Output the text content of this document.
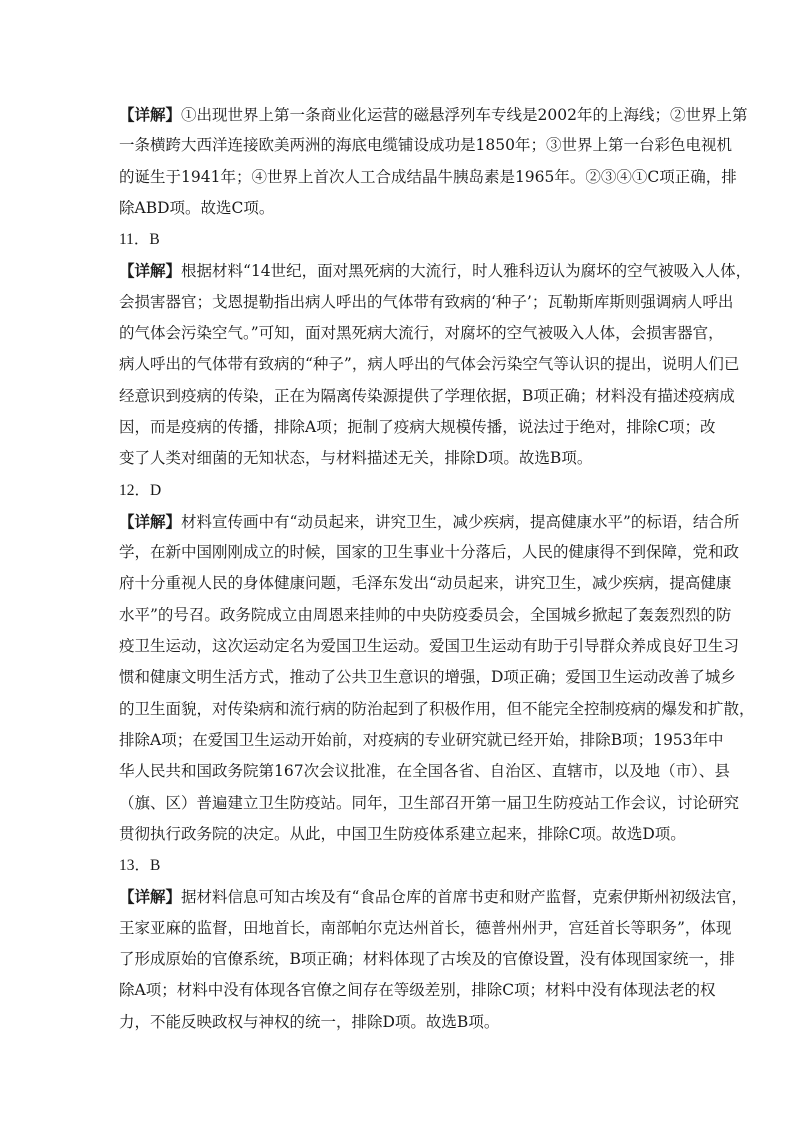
【详解】①出现世界上第一条商业化运营的磁悬浮列车专线是2002年的上海线；②世界上第
一条横跨大西洋连接欧美两洲的海底电缆铺设成功是1850年；③世界上第一台彩色电视机
的诞生于1941年；④世界上首次人工合成结晶牛胰岛素是1965年。②③④①C项正确，排
除ABD项。故选C项。
11．B
【详解】根据材料“14世纪，面对黑死病的大流行，时人雅科迈认为腐坏的空气被吸入人体，
会损害器官；戈恩提勒指出病人呼出的气体带有致病的‘种子’；瓦勒斯库斯则强调病人呼出
的气体会污染空气。”可知，面对黑死病大流行，对腐坏的空气被吸入人体，会损害器官，
病人呼出的气体带有致病的“种子”，病人呼出的气体会污染空气等认识的提出，说明人们已
经意识到疫病的传染，正在为隔离传染源提供了学理依据，B项正确；材料没有描述疫病成
因，而是疫病的传播，排除A项；扼制了疫病大规模传播，说法过于绝对，排除C项；改
变了人类对细菌的无知状态，与材料描述无关，排除D项。故选B项。
12．D
【详解】材料宣传画中有“动员起来，讲究卫生，减少疾病，提高健康水平”的标语，结合所
学，在新中国刚刚成立的时候，国家的卫生事业十分落后，人民的健康得不到保障，党和政
府十分重视人民的身体健康问题，毛泽东发出“动员起来，讲究卫生，减少疾病，提高健康
水平”的号召。政务院成立由周恩来挂帅的中央防疫委员会，全国城乡掀起了轰轰烈烈的防
疫卫生运动，这次运动定名为爱国卫生运动。爱国卫生运动有助于引导群众养成良好卫生习
惯和健康文明生活方式，推动了公共卫生意识的增强，D项正确；爱国卫生运动改善了城乡
的卫生面貌，对传染病和流行病的防治起到了积极作用，但不能完全控制疫病的爆发和扩散，
排除A项；在爱国卫生运动开始前，对疫病的专业研究就已经开始，排除B项；1953年中
华人民共和国政务院第167次会议批准，在全国各省、自治区、直辖市，以及地（市）、县
（旗、区）普遍建立卫生防疫站。同年，卫生部召开第一届卫生防疫站工作会议，讨论研究
贯彻执行政务院的决定。从此，中国卫生防疫体系建立起来，排除C项。故选D项。
13．B
【详解】据材料信息可知古埃及有“食品仓库的首席书吏和财产监督，克索伊斯州初级法官，
王家亚麻的监督，田地首长，南部帕尔克达州首长，德普州州尹，宫廷首长等职务”，体现
了形成原始的官僚系统，B项正确；材料体现了古埃及的官僚设置，没有体现国家统一，排
除A项；材料中没有体现各官僚之间存在等级差别，排除C项；材料中没有体现法老的权
力，不能反映政权与神权的统一，排除D项。故选B项。
